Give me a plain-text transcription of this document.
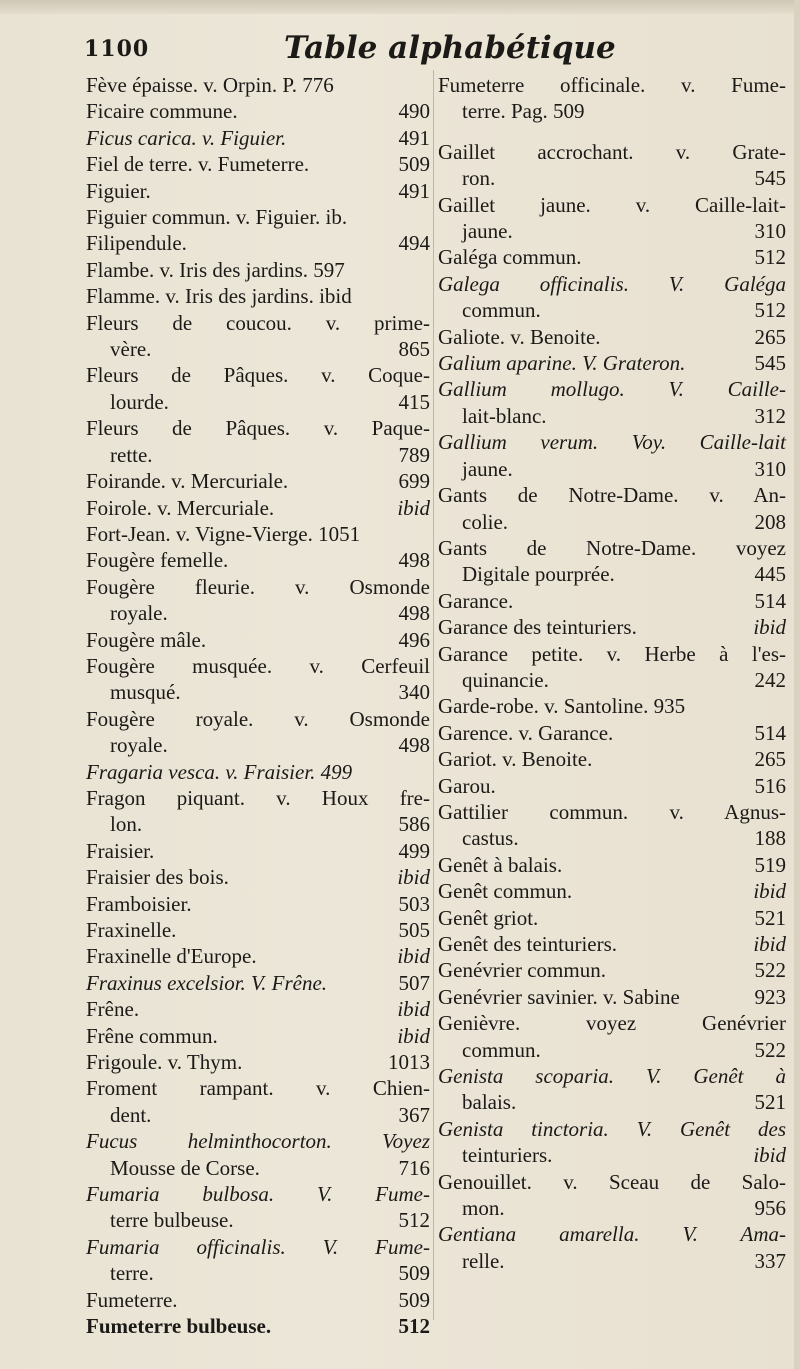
1100	Table alphabétique
Fève épaisse. v. Orpin. P. 776
Ficaire commune.	490
Ficus carica. v. Figuier.	491
Fiel de terre. v. Fumeterre.	509
Figuier.	491
Figuier commun. v. Figuier. ib.
Filipendule.	494
Flambe. v. Iris des jardins. 597
Flamme. v. Iris des jardins. ibid
Fleurs de coucou. v. prime-
vère.	865
Fleurs de Pâques. v. Coque-
lourde.	415
Fleurs de Pâques. v. Paque-
rette.	789
Foirande. v. Mercuriale.	699
Foirole. v. Mercuriale.	ibid
Fort-Jean. v. Vigne-Vierge. 1051
Fougère femelle.	498
Fougère fleurie. v. Osmonde
royale.	498
Fougère mâle.	496
Fougère musquée. v. Cerfeuil
musqué.	340
Fougère royale. v. Osmonde
royale.	498
Fragaria vesca. v. Fraisier. 499
Fragon piquant. v. Houx fre-
lon.	586
Fraisier.	499
Fraisier des bois.	ibid
Framboisier.	503
Fraxinelle.	505
Fraxinelle d'Europe.	ibid
Fraxinus excelsior. V. Frêne.	507
Frêne.	ibid
Frêne commun.	ibid
Frigoule. v. Thym.	1013
Froment rampant. v. Chien-
dent.	367
Fucus helminthocorton. Voyez
Mousse de Corse.	716
Fumaria bulbosa. V. Fume-
terre bulbeuse.	512
Fumaria officinalis. V. Fume-
terre.	509
Fumeterre.	509
Fumeterre bulbeuse.	512
Fumeterre officinale. v. Fume-
terre. Pag. 509
Gaillet accrochant. v. Grate-
ron.	545
Gaillet jaune. v. Caille-lait-
jaune.	310
Galéga commun.	512
Galega officinalis. V. Galéga
commun.	512
Galiote. v. Benoite.	265
Galium aparine. V. Grateron.	545
Gallium mollugo. V. Caille-
lait-blanc.	312
Gallium verum. Voy. Caille-lait
jaune.	310
Gants de Notre-Dame. v. An-
colie.	208
Gants de Notre-Dame. voyez
Digitale pourprée.	445
Garance.	514
Garance des teinturiers.	ibid
Garance petite. v. Herbe à l'es-
quinancie.	242
Garde-robe. v. Santoline. 935
Garence. v. Garance.	514
Gariot. v. Benoite.	265
Garou.	516
Gattilier commun. v. Agnus-
castus.	188
Genêt à balais.	519
Genêt commun.	ibid
Genêt griot.	521
Genêt des teinturiers.	ibid
Genévrier commun.	522
Genévrier savinier. v. Sabine	923
Genièvre. voyez Genévrier
commun.	522
Genista scoparia. V. Genêt à
balais.	521
Genista tinctoria. V. Genêt des
teinturiers.	ibid
Genouillet. v. Sceau de Salo-
mon.	956
Gentiana amarella. V. Ama-
relle.	337
